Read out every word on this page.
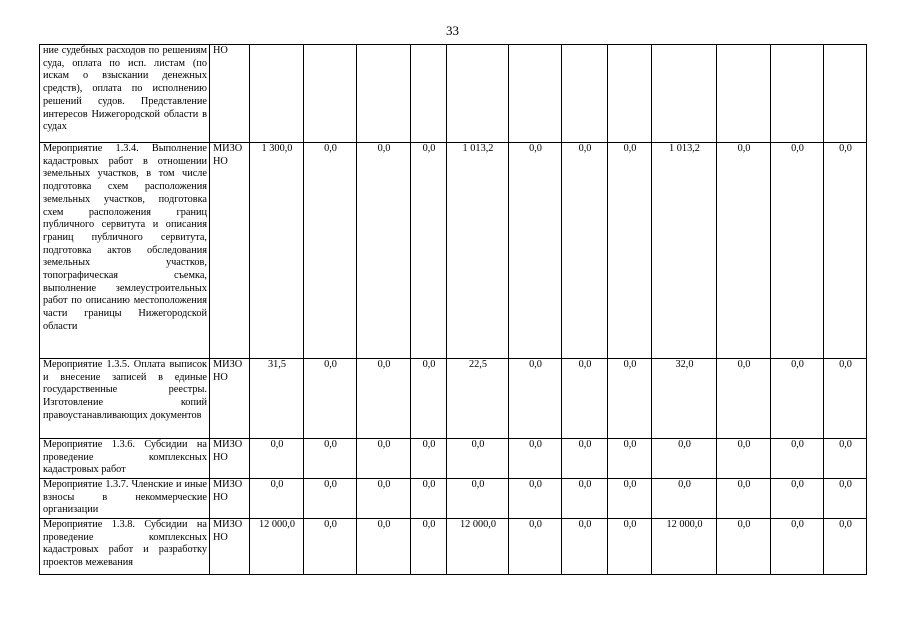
33
ние судебных расходов по решениям суда, оплата по исп. листам (по искам о взыскании денежных средств), оплата по исполнению решений судов. Представление интересов Нижегородской области в судах	НО												
Мероприятие 1.3.4. Выполнение кадастровых работ в отношении земельных участков, в том числе подготовка схем расположения земельных участков, подготовка схем расположения границ публичного сервитута и описания границ публичного сервитута, подготовка актов обследования земельных участков, топографическая съемка, выполнение землеустроительных работ по описанию местоположения части границы Нижегородской области	МИЗО НО	1 300,0	0,0	0,0	0,0	1 013,2	0,0	0,0	0,0	1 013,2	0,0	0,0	0,0
Мероприятие 1.3.5. Оплата выписок и внесение записей в единые государственные реестры. Изготовление копий правоустанавливающих документов	МИЗО НО	31,5	0,0	0,0	0,0	22,5	0,0	0,0	0,0	32,0	0,0	0,0	0,0
Мероприятие 1.3.6. Субсидии на проведение комплексных кадастровых работ	МИЗО НО	0,0	0,0	0,0	0,0	0,0	0,0	0,0	0,0	0,0	0,0	0,0	0,0
Мероприятие 1.3.7. Членские и иные взносы в некоммерческие организации	МИЗО НО	0,0	0,0	0,0	0,0	0,0	0,0	0,0	0,0	0,0	0,0	0,0	0,0
Мероприятие 1.3.8. Субсидии на проведение комплексных кадастровых работ и разработку проектов межевания	МИЗО НО	12 000,0	0,0	0,0	0,0	12 000,0	0,0	0,0	0,0	12 000,0	0,0	0,0	0,0
